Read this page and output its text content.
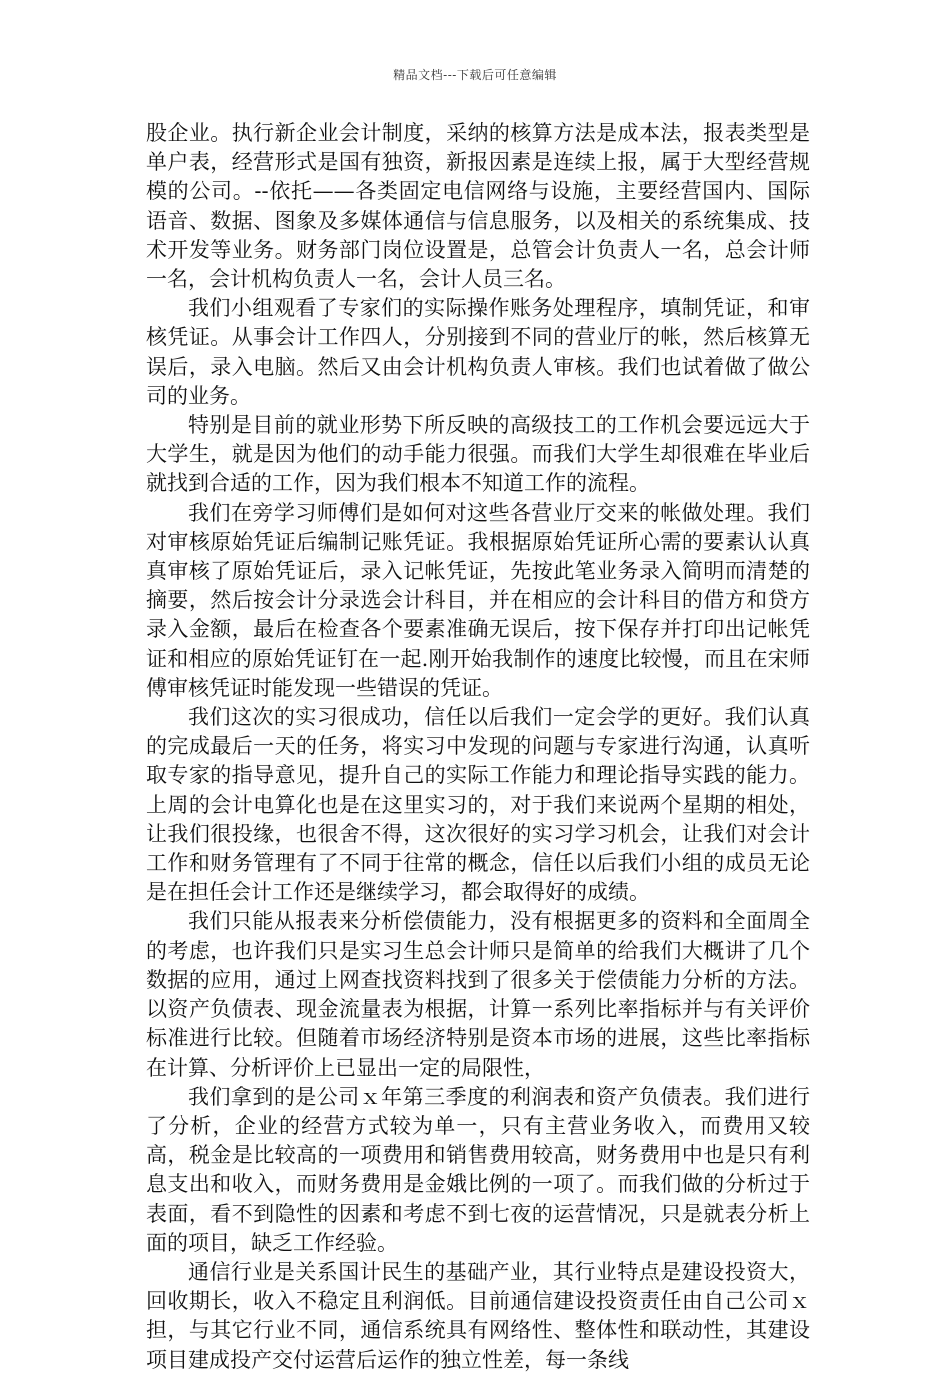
精品文档---下载后可任意编辑

股企业。执行新企业会计制度，采纳的核算方法是成本法，报表类型是单户表，经营形式是国有独资，新报因素是连续上报，属于大型经营规模的公司。--依托——各类固定电信网络与设施，主要经营国内、国际语音、数据、图象及多媒体通信与信息服务，以及相关的系统集成、技术开发等业务。财务部门岗位设置是，总管会计负责人一名，总会计师一名，会计机构负责人一名，会计人员三名。

我们小组观看了专家们的实际操作账务处理程序，填制凭证，和审核凭证。从事会计工作四人，分别接到不同的营业厅的帐，然后核算无误后，录入电脑。然后又由会计机构负责人审核。我们也试着做了做公司的业务。

特别是目前的就业形势下所反映的高级技工的工作机会要远远大于大学生，就是因为他们的动手能力很强。而我们大学生却很难在毕业后就找到合适的工作，因为我们根本不知道工作的流程。

我们在旁学习师傅们是如何对这些各营业厅交来的帐做处理。我们对审核原始凭证后编制记账凭证。我根据原始凭证所心需的要素认认真真审核了原始凭证后，录入记帐凭证，先按此笔业务录入简明而清楚的摘要，然后按会计分录选会计科目，并在相应的会计科目的借方和贷方录入金额，最后在检查各个要素准确无误后，按下保存并打印出记帐凭证和相应的原始凭证钉在一起.刚开始我制作的速度比较慢，而且在宋师傅审核凭证时能发现一些错误的凭证。

我们这次的实习很成功，信任以后我们一定会学的更好。我们认真的完成最后一天的任务，将实习中发现的问题与专家进行沟通，认真听取专家的指导意见，提升自己的实际工作能力和理论指导实践的能力。上周的会计电算化也是在这里实习的，对于我们来说两个星期的相处，让我们很投缘，也很舍不得，这次很好的实习学习机会，让我们对会计工作和财务管理有了不同于往常的概念，信任以后我们小组的成员无论是在担任会计工作还是继续学习，都会取得好的成绩。

我们只能从报表来分析偿债能力，没有根据更多的资料和全面周全的考虑，也许我们只是实习生总会计师只是简单的给我们大概讲了几个数据的应用，通过上网查找资料找到了很多关于偿债能力分析的方法。以资产负债表、现金流量表为根据，计算一系列比率指标并与有关评价标准进行比较。但随着市场经济特别是资本市场的进展，这些比率指标在计算、分析评价上已显出一定的局限性，

我们拿到的是公司ｘ年第三季度的利润表和资产负债表。我们进行了分析，企业的经营方式较为单一，只有主营业务收入，而费用又较高，税金是比较高的一项费用和销售费用较高，财务费用中也是只有利息支出和收入，而财务费用是金娥比例的一项了。而我们做的分析过于表面，看不到隐性的因素和考虑不到七夜的运营情况，只是就表分析上面的项目，缺乏工作经验。

通信行业是关系国计民生的基础产业，其行业特点是建设投资大，回收期长，收入不稳定且利润低。目前通信建设投资责任由自己公司ｘ担，与其它行业不同，通信系统具有网络性、整体性和联动性，其建设项目建成投产交付运营后运作的独立性差，每一条线
